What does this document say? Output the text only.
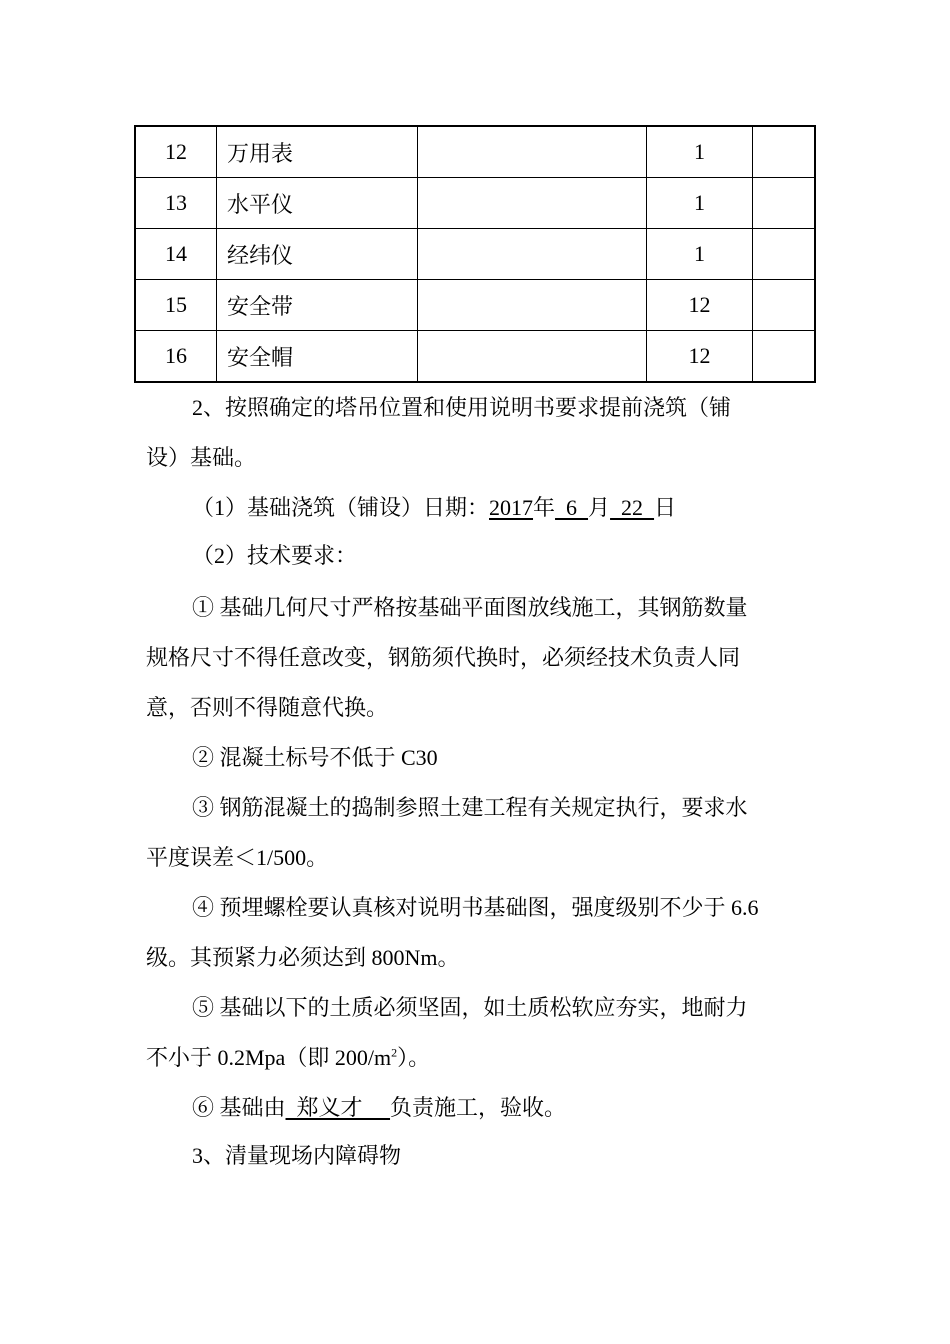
12	万用表		1	
13	水平仪		1	
14	经纬仪		1	
15	安全带		12	
16	安全帽		12	
2、按照确定的塔吊位置和使用说明书要求提前浇筑（铺
设）基础。
（1）基础浇筑（铺设）日期：2017年  6  月  22  日
（2）技术要求：
① 基础几何尺寸严格按基础平面图放线施工，其钢筋数量
规格尺寸不得任意改变，钢筋须代换时，必须经技术负责人同
意，否则不得随意代换。
② 混凝土标号不低于 C30
③ 钢筋混凝土的捣制参照土建工程有关规定执行，要求水
平度误差＜1/500。
④ 预埋螺栓要认真核对说明书基础图，强度级别不少于 6.6
级。其预紧力必须达到 800Nm。
⑤ 基础以下的土质必须坚固，如土质松软应夯实，地耐力
不小于 0.2Mpa（即 $200/m^2$）。
⑥ 基础由  郑义才     负责施工，验收。
3、清量现场内障碍物
